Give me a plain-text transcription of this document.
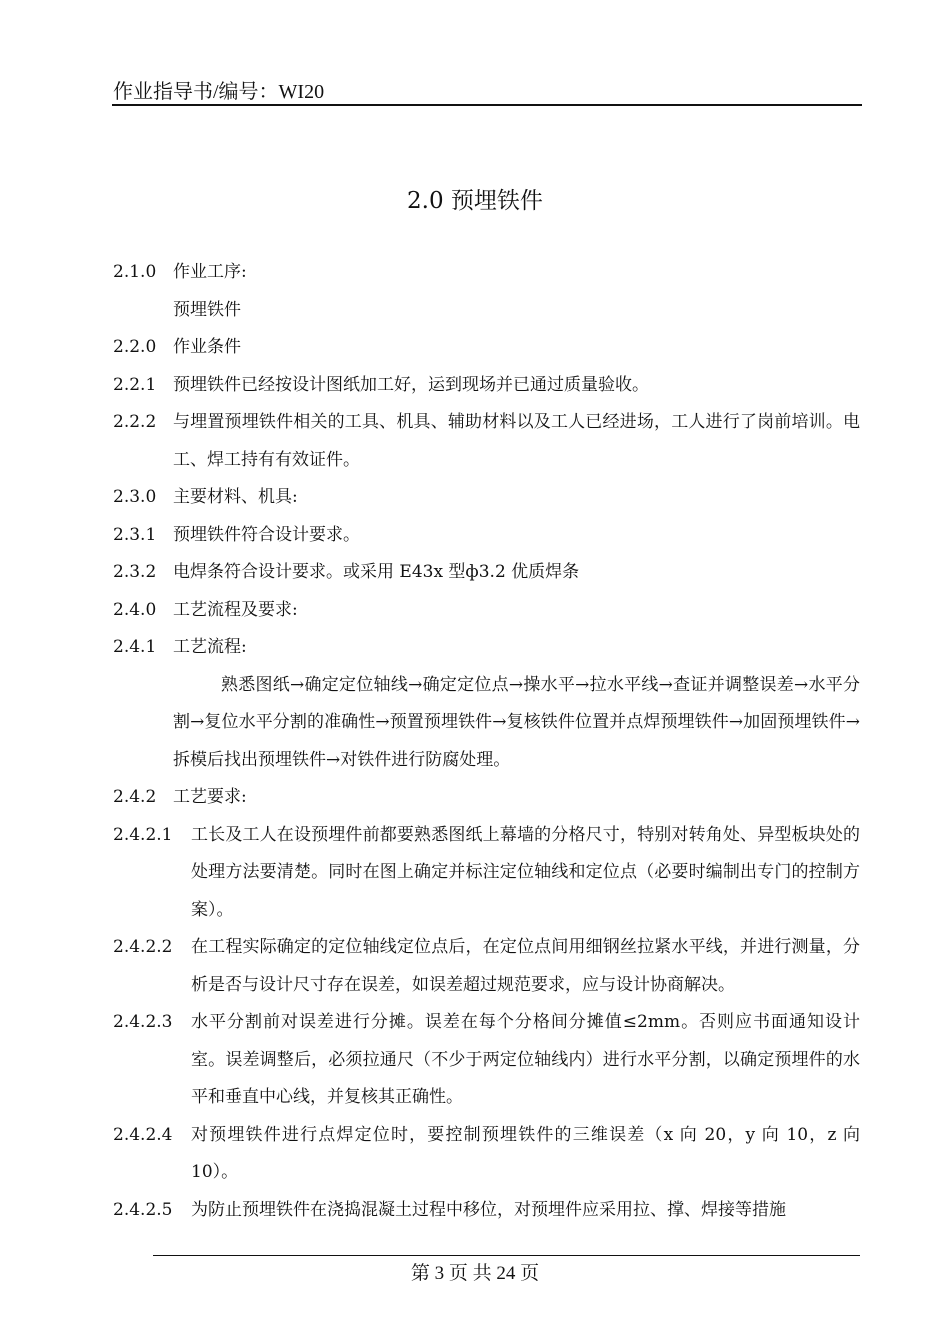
作业指导书/编号：WI20
2.0 预埋铁件
2.1.0 作业工序:
预埋铁件
2.2.0 作业条件
2.2.1 预埋铁件已经按设计图纸加工好，运到现场并已通过质量验收。
2.2.2 与埋置预埋铁件相关的工具、机具、辅助材料以及工人已经进场，工人进行了岗前培训。电工、焊工持有有效证件。
2.3.0 主要材料、机具:
2.3.1 预埋铁件符合设计要求。
2.3.2 电焊条符合设计要求。或采用 E43x 型ф3.2 优质焊条
2.4.0 工艺流程及要求:
2.4.1 工艺流程:
熟悉图纸→确定定位轴线→确定定位点→操水平→拉水平线→查证并调整误差→水平分割→复位水平分割的准确性→预置预埋铁件→复核铁件位置并点焊预埋铁件→加固预埋铁件→拆模后找出预埋铁件→对铁件进行防腐处理。
2.4.2 工艺要求:
2.4.2.1	工长及工人在设预埋件前都要熟悉图纸上幕墙的分格尺寸，特别对转角处、异型板块处的处理方法要清楚。同时在图上确定并标注定位轴线和定位点（必要时编制出专门的控制方案）。
2.4.2.2	在工程实际确定的定位轴线定位点后，在定位点间用细钢丝拉紧水平线，并进行测量，分析是否与设计尺寸存在误差，如误差超过规范要求，应与设计协商解决。
2.4.2.3	水平分割前对误差进行分摊。误差在每个分格间分摊值≤2mm。否则应书面通知设计室。误差调整后，必须拉通尺（不少于两定位轴线内）进行水平分割，以确定预埋件的水平和垂直中心线，并复核其正确性。
2.4.2.4	对预埋铁件进行点焊定位时，要控制预埋铁件的三维误差（x 向 20，y 向 10，z 向 10）。
2.4.2.5	为防止预埋铁件在浇捣混凝土过程中移位，对预埋件应采用拉、撑、焊接等措施
第 3 页 共 24 页
